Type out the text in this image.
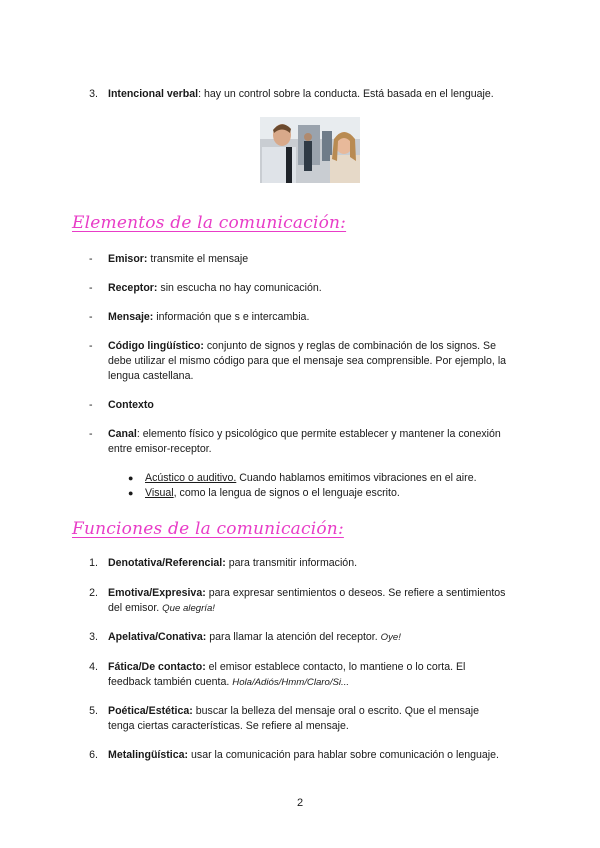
3. Intencional verbal: hay un control sobre la conducta. Está basada en el lenguaje.
Elementos de la comunicación:
- Emisor: transmite el mensaje
- Receptor: sin escucha no hay comunicación.
- Mensaje: información que s e intercambia.
- Código lingüístico: conjunto de signos y reglas de combinación de los signos. Se
debe utilizar el mismo código para que el mensaje sea comprensible. Por ejemplo, la
lengua castellana.
- Contexto
- Canal: elemento físico y psicológico que permite establecer y mantener la conexión
entre emisor-receptor.
● Acústico o auditivo. Cuando hablamos emitimos vibraciones en el aire.
● Visual, como la lengua de signos o el lenguaje escrito.
Funciones de la comunicación:
1. Denotativa/Referencial: para transmitir información.
2. Emotiva/Expresiva: para expresar sentimientos o deseos. Se refiere a sentimientos
del emisor. Que alegría!
3. Apelativa/Conativa: para llamar la atención del receptor. Oye!
4. Fática/De contacto: el emisor establece contacto, lo mantiene o lo corta. El
feedback también cuenta. Hola/Adiós/Hmm/Claro/Si...
5. Poética/Estética: buscar la belleza del mensaje oral o escrito. Que el mensaje
tenga ciertas características. Se refiere al mensaje.
6. Metalingüística: usar la comunicación para hablar sobre comunicación o lenguaje.
2
